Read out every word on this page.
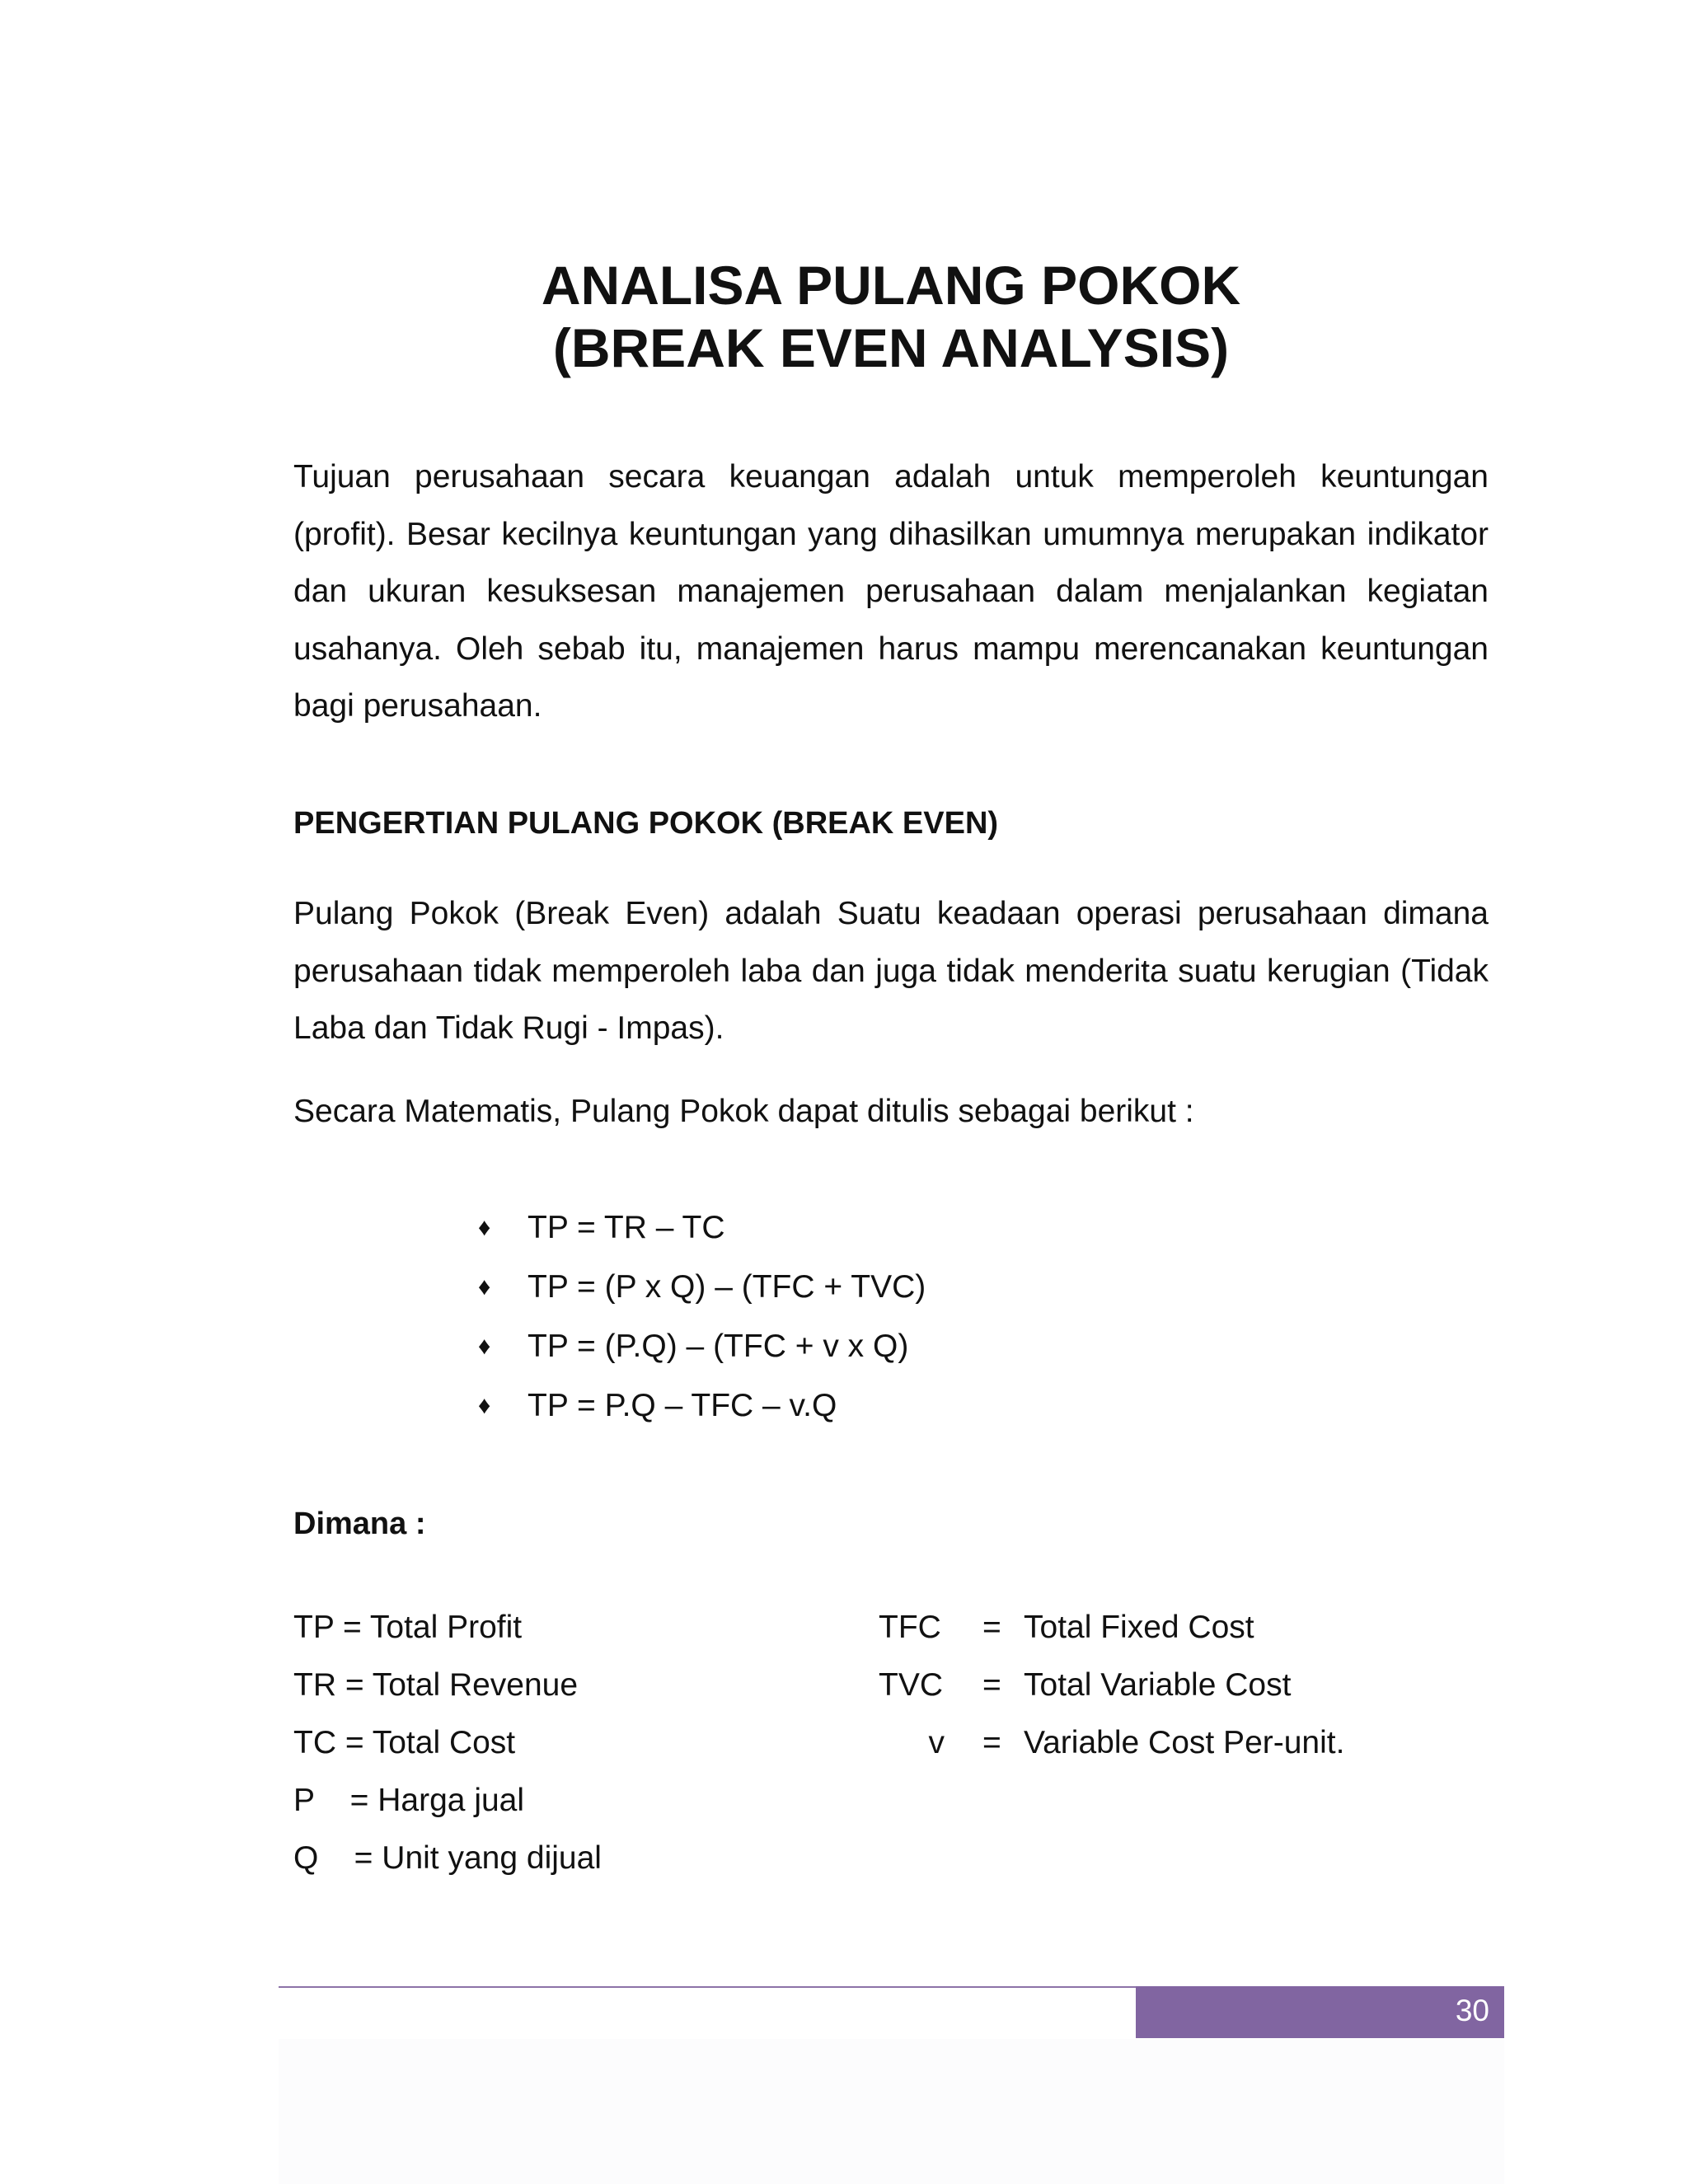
ANALISA PULANG POKOK
(BREAK EVEN ANALYSIS)

Tujuan perusahaan secara keuangan adalah untuk memperoleh keuntungan (profit). Besar kecilnya keuntungan yang dihasilkan umumnya merupakan indikator dan ukuran kesuksesan manajemen perusahaan dalam menjalankan kegiatan usahanya. Oleh sebab itu, manajemen harus mampu merencanakan keuntungan bagi perusahaan.

PENGERTIAN PULANG POKOK (BREAK EVEN)

Pulang Pokok (Break Even) adalah Suatu keadaan operasi perusahaan dimana perusahaan tidak memperoleh laba dan juga tidak menderita suatu kerugian (Tidak Laba dan Tidak Rugi - Impas).

Secara Matematis, Pulang Pokok dapat ditulis sebagai berikut :

♦ TP = TR – TC
♦ TP = (P x Q) – (TFC + TVC)
♦ TP = (P.Q) – (TFC + v x Q)
♦ TP = P.Q – TFC – v.Q
Dimana :
TP = Total Profit
TR = Total Revenue
TC = Total Cost
P    = Harga jual
Q    = Unit yang dijual
TFC = Total Fixed Cost
TVC = Total Variable Cost
v = Variable Cost Per-unit.
30
